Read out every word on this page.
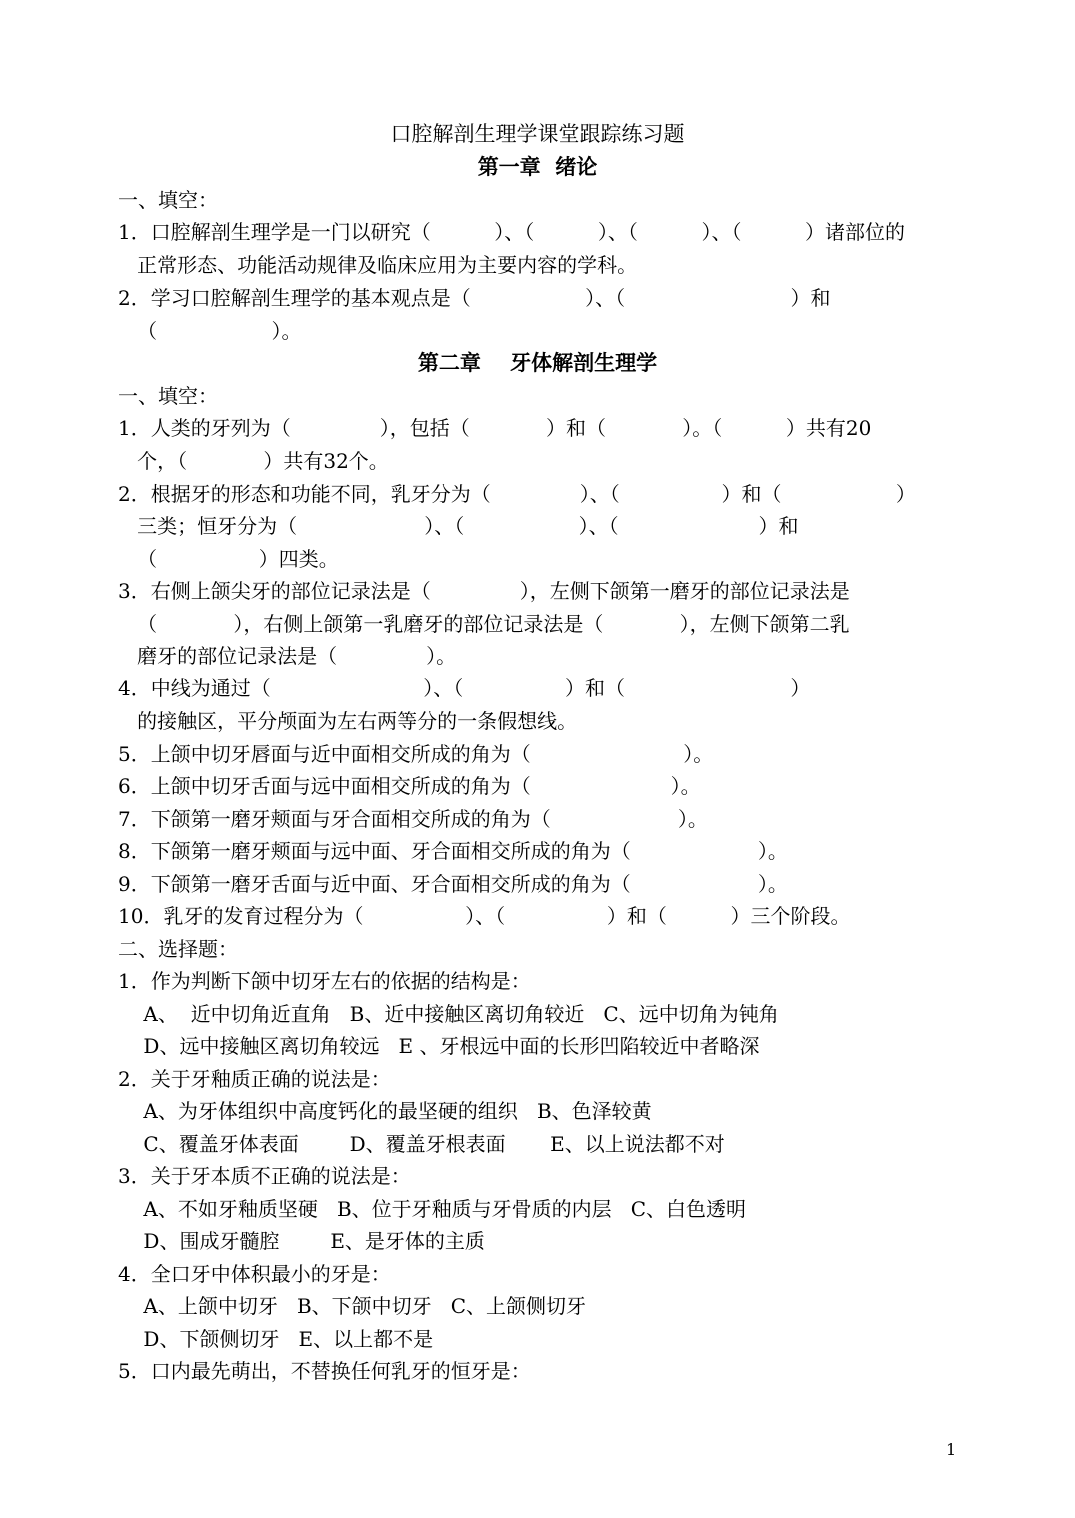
口腔解剖生理学课堂跟踪练习题

第一章  绪论

一、填空：

1．口腔解剖生理学是一门以研究（          ）、（          ）、（          ）、（          ）诸部位的

正常形态、功能活动规律及临床应用为主要内容的学科。

2．学习口腔解剖生理学的基本观点是（                  ）、（                          ）和

（                  ）。

第二章    牙体解剖生理学

一、填空：

1．人类的牙列为（              ），包括（            ）和（            ）。（          ）共有20

个，（            ）共有32个。

2．根据牙的形态和功能不同，乳牙分为（              ）、（                ）和（                  ）

三类；恒牙分为（                    ）、（                  ）、（                      ）和

（                ）四类。

3．右侧上颌尖牙的部位记录法是（              ），左侧下颌第一磨牙的部位记录法是

（            ），右侧上颌第一乳磨牙的部位记录法是（            ），左侧下颌第二乳

磨牙的部位记录法是（              ）。

4．中线为通过（                        ）、（                ）和（                          ）

的接触区，平分颅面为左右两等分的一条假想线。

5．上颌中切牙唇面与近中面相交所成的角为（                        ）。

6．上颌中切牙舌面与远中面相交所成的角为（                      ）。

7．下颌第一磨牙颊面与牙合面相交所成的角为（                    ）。

8．下颌第一磨牙颊面与远中面、牙合面相交所成的角为（                    ）。

9．下颌第一磨牙舌面与近中面、牙合面相交所成的角为（                    ）。

10．乳牙的发育过程分为（                ）、（                ）和（          ）三个阶段。

二、选择题：

1．作为判断下颌中切牙左右的依据的结构是：

A、  近中切角近直角   B、近中接触区离切角较近   C、远中切角为钝角

D、远中接触区离切角较远   E 、牙根远中面的长形凹陷较近中者略深

2．关于牙釉质正确的说法是：

A、为牙体组织中高度钙化的最坚硬的组织   B、色泽较黄

C、覆盖牙体表面        D、覆盖牙根表面       E、以上说法都不对

3．关于牙本质不正确的说法是：

A、不如牙釉质坚硬   B、位于牙釉质与牙骨质的内层   C、白色透明

D、围成牙髓腔        E、是牙体的主质

4．全口牙中体积最小的牙是：

A、上颌中切牙   B、下颌中切牙   C、上颌侧切牙

D、下颌侧切牙   E、以上都不是

5．口内最先萌出，不替换任何乳牙的恒牙是：

1
